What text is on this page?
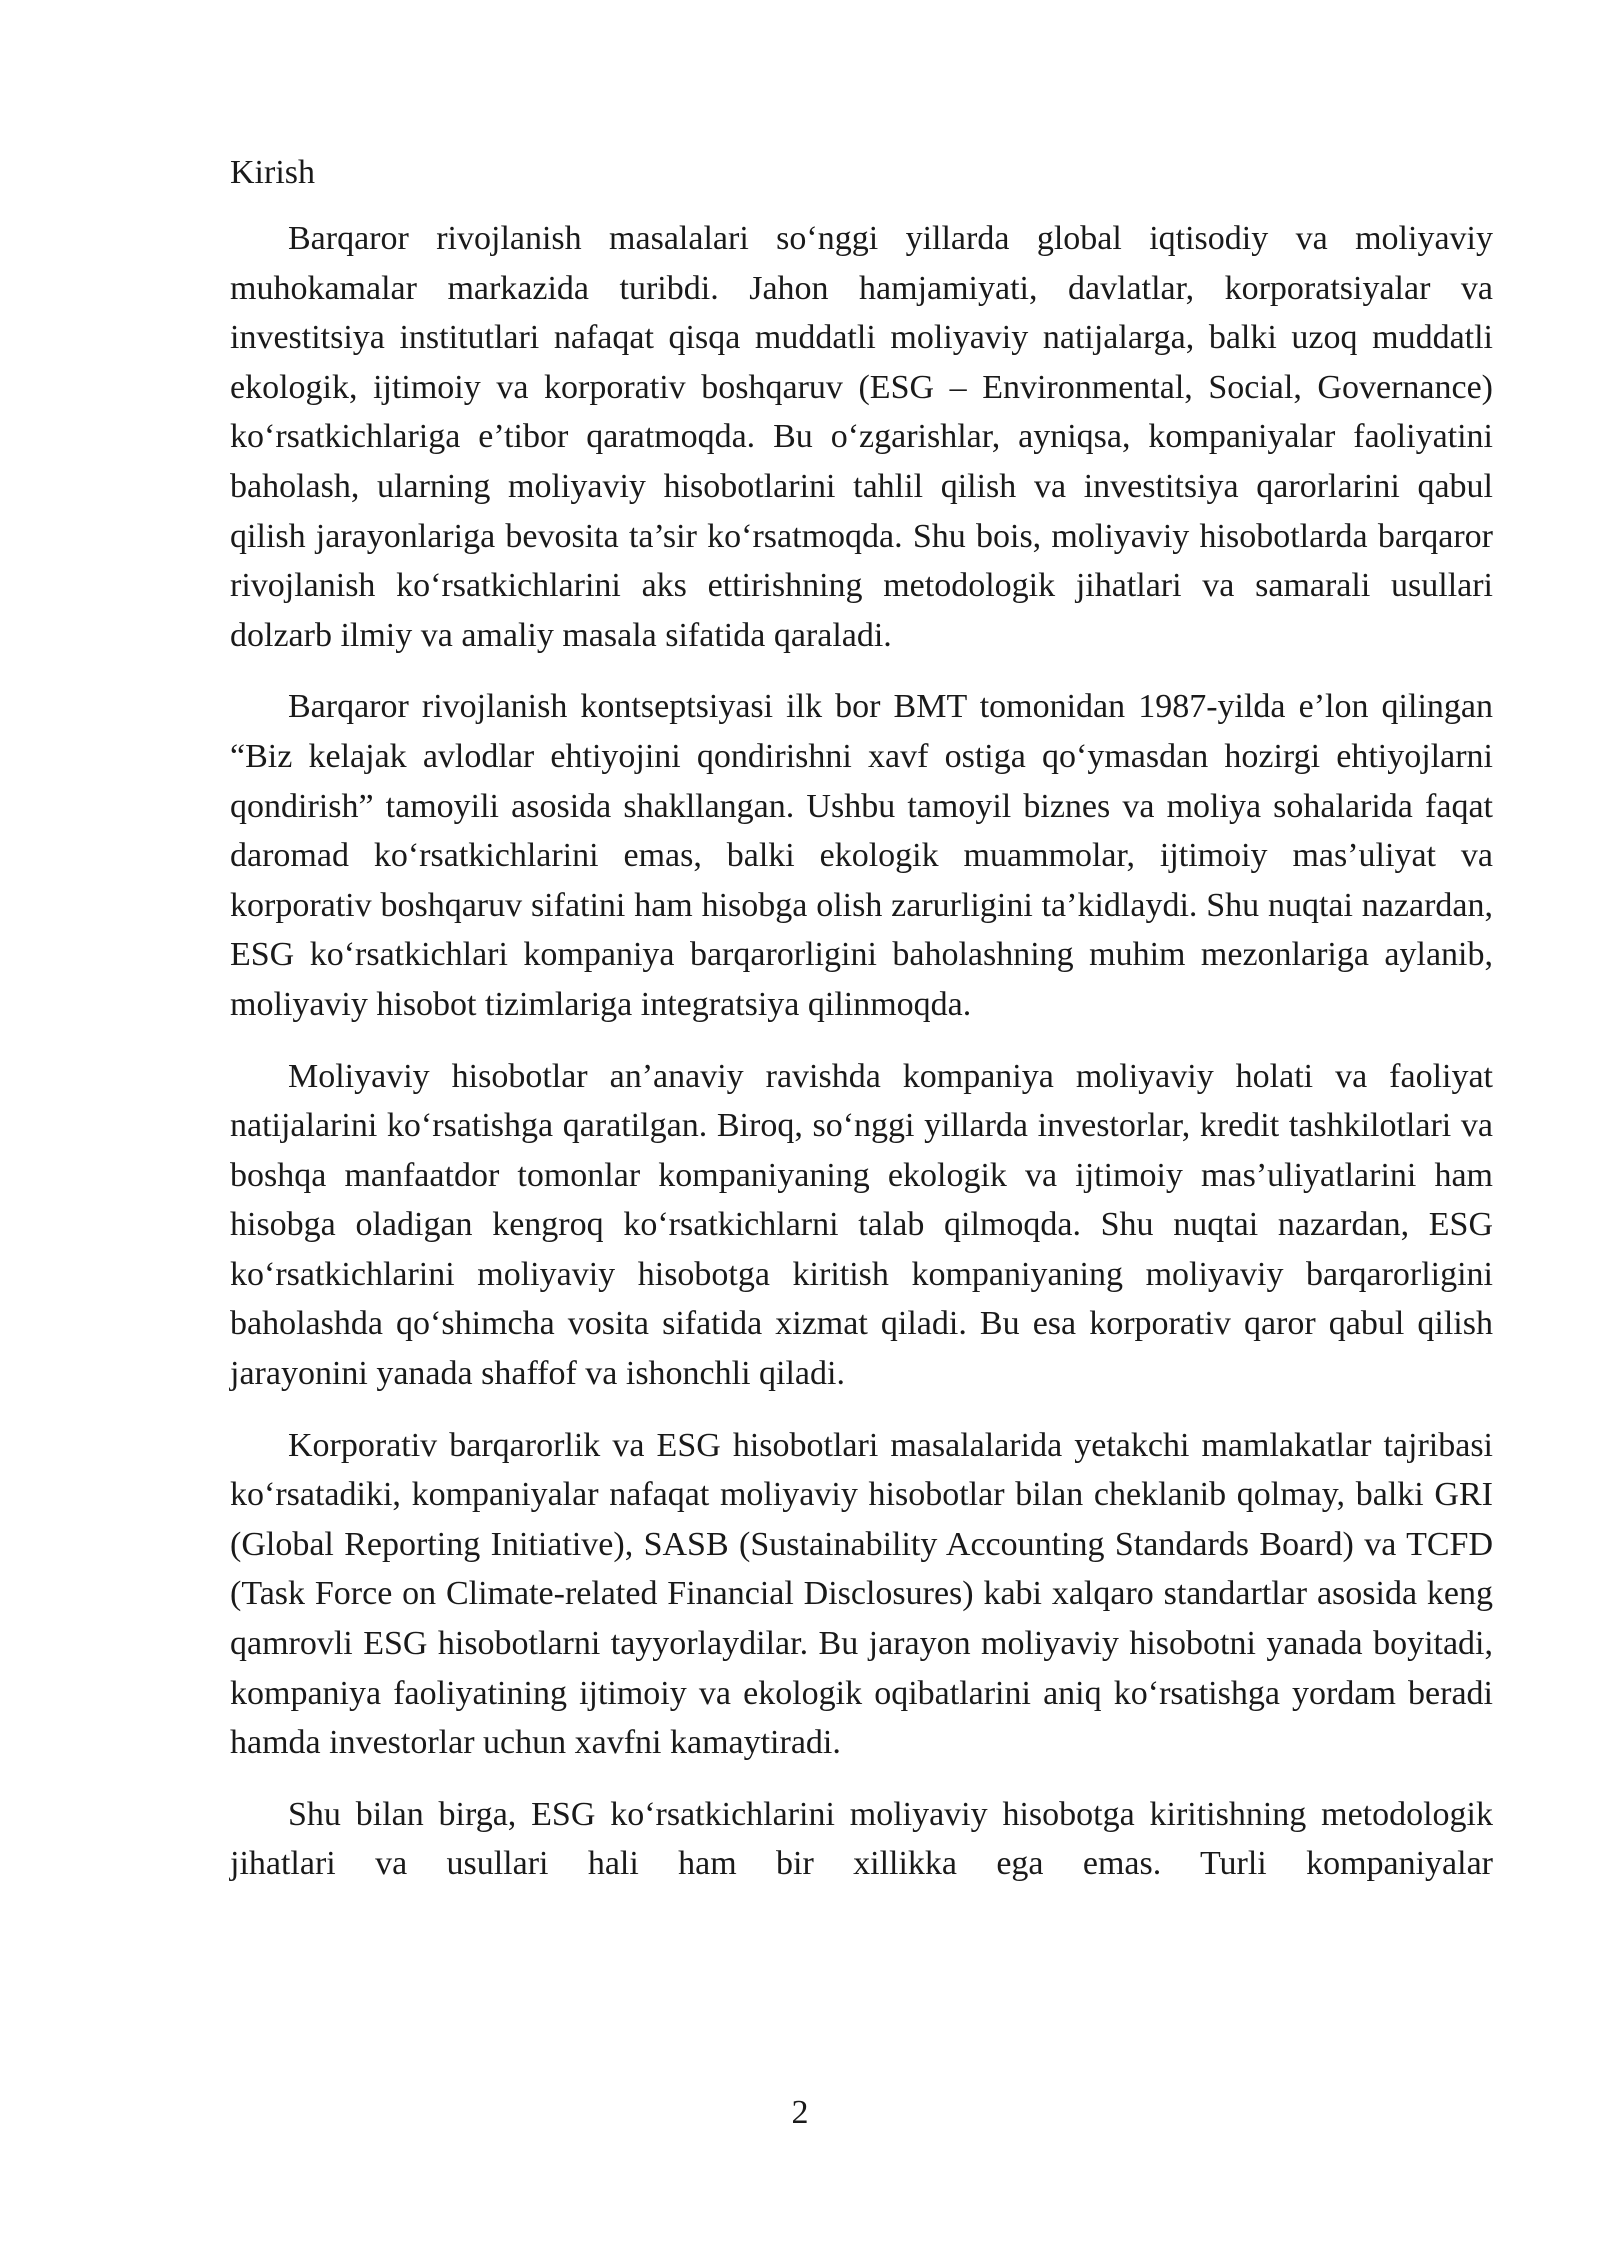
Kirish

Barqaror rivojlanish masalalari so‘nggi yillarda global iqtisodiy va moliyaviy muhokamalar markazida turibdi. Jahon hamjamiyati, davlatlar, korporatsiyalar va investitsiya institutlari nafaqat qisqa muddatli moliyaviy natijalarga, balki uzoq muddatli ekologik, ijtimoiy va korporativ boshqaruv (ESG – Environmental, Social, Governance) ko‘rsatkichlariga e’tibor qaratmoqda. Bu o‘zgarishlar, ayniqsa, kompaniyalar faoliyatini baholash, ularning moliyaviy hisobotlarini tahlil qilish va investitsiya qarorlarini qabul qilish jarayonlariga bevosita ta’sir ko‘rsatmoqda. Shu bois, moliyaviy hisobotlarda barqaror rivojlanish ko‘rsatkichlarini aks ettirishning metodologik jihatlari va samarali usullari dolzarb ilmiy va amaliy masala sifatida qaraladi.

Barqaror rivojlanish kontseptsiyasi ilk bor BMT tomonidan 1987-yilda e’lon qilingan “Biz kelajak avlodlar ehtiyojini qondirishni xavf ostiga qo‘ymasdan hozirgi ehtiyojlarni qondirish” tamoyili asosida shakllangan. Ushbu tamoyil biznes va moliya sohalarida faqat daromad ko‘rsatkichlarini emas, balki ekologik muammolar, ijtimoiy mas’uliyat va korporativ boshqaruv sifatini ham hisobga olish zarurligini ta’kidlaydi. Shu nuqtai nazardan, ESG ko‘rsatkichlari kompaniya barqarorligini baholashning muhim mezonlariga aylanib, moliyaviy hisobot tizimlariga integratsiya qilinmoqda.

Moliyaviy hisobotlar an’anaviy ravishda kompaniya moliyaviy holati va faoliyat natijalarini ko‘rsatishga qaratilgan. Biroq, so‘nggi yillarda investorlar, kredit tashkilotlari va boshqa manfaatdor tomonlar kompaniyaning ekologik va ijtimoiy mas’uliyatlarini ham hisobga oladigan kengroq ko‘rsatkichlarni talab qilmoqda. Shu nuqtai nazardan, ESG ko‘rsatkichlarini moliyaviy hisobotga kiritish kompaniyaning moliyaviy barqarorligini baholashda qo‘shimcha vosita sifatida xizmat qiladi. Bu esa korporativ qaror qabul qilish jarayonini yanada shaffof va ishonchli qiladi.

Korporativ barqarorlik va ESG hisobotlari masalalarida yetakchi mamlakatlar tajribasi ko‘rsatadiki, kompaniyalar nafaqat moliyaviy hisobotlar bilan cheklanib qolmay, balki GRI (Global Reporting Initiative), SASB (Sustainability Accounting Standards Board) va TCFD (Task Force on Climate-related Financial Disclosures) kabi xalqaro standartlar asosida keng qamrovli ESG hisobotlarni tayyorlaydilar. Bu jarayon moliyaviy hisobotni yanada boyitadi, kompaniya faoliyatining ijtimoiy va ekologik oqibatlarini aniq ko‘rsatishga yordam beradi hamda investorlar uchun xavfni kamaytiradi.

Shu bilan birga, ESG ko‘rsatkichlarini moliyaviy hisobotga kiritishning metodologik jihatlari va usullari hali ham bir xillikka ega emas. Turli kompaniyalar

2
